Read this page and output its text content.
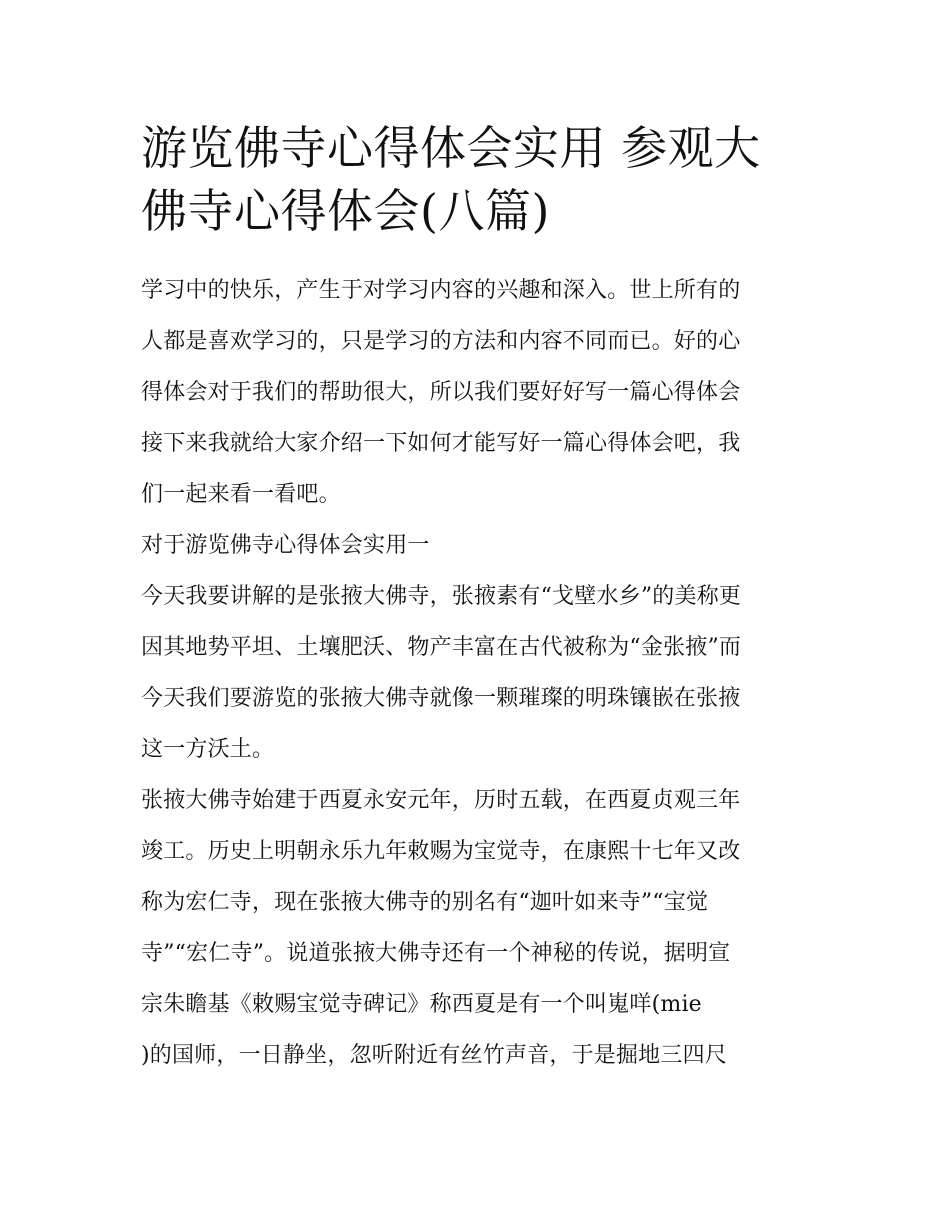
游览佛寺心得体会实用 参观大
佛寺心得体会(八篇)
学习中的快乐，产生于对学习内容的兴趣和深入。世上所有的
人都是喜欢学习的，只是学习的方法和内容不同而已。好的心
得体会对于我们的帮助很大，所以我们要好好写一篇心得体会
接下来我就给大家介绍一下如何才能写好一篇心得体会吧，我
们一起来看一看吧。
对于游览佛寺心得体会实用一
今天我要讲解的是张掖大佛寺，张掖素有“戈壁水乡”的美称更
因其地势平坦、土壤肥沃、物产丰富在古代被称为“金张掖”而
今天我们要游览的张掖大佛寺就像一颗璀璨的明珠镶嵌在张掖
这一方沃土。
张掖大佛寺始建于西夏永安元年，历时五载，在西夏贞观三年
竣工。历史上明朝永乐九年敕赐为宝觉寺，在康熙十七年又改
称为宏仁寺，现在张掖大佛寺的别名有“迦叶如来寺”“宝觉
寺”“宏仁寺”。说道张掖大佛寺还有一个神秘的传说，据明宣
宗朱瞻基《敕赐宝觉寺碑记》称西夏是有一个叫嵬咩(mie
)的国师，一日静坐，忽听附近有丝竹声音，于是掘地三四尺
